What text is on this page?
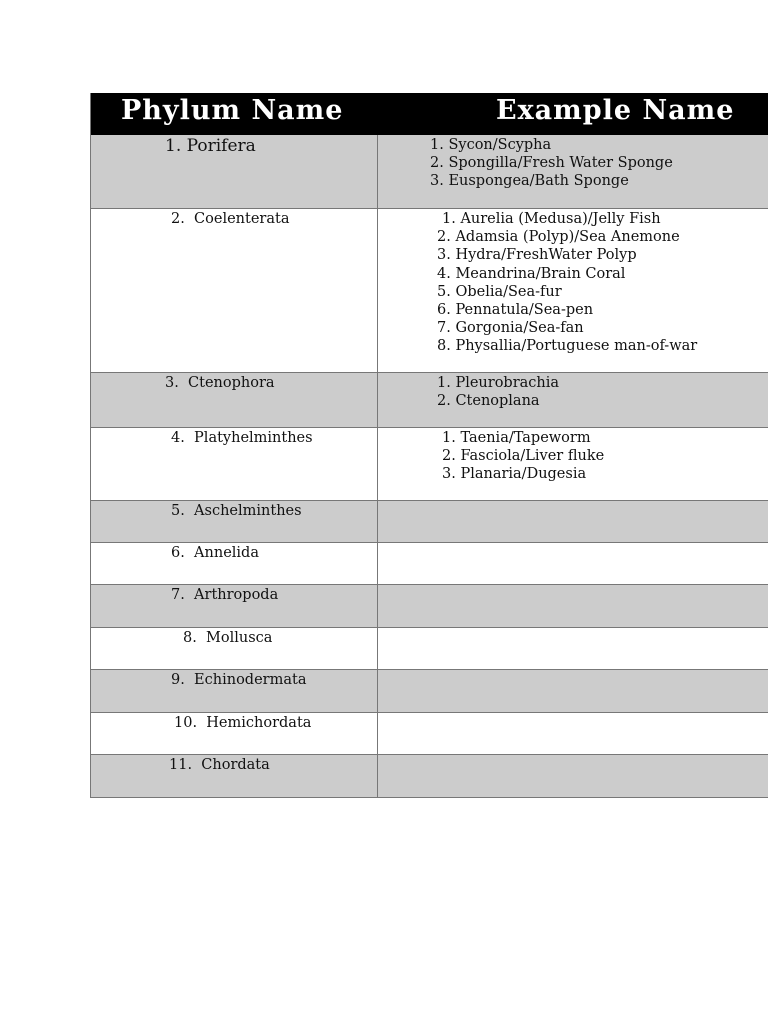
Phylum Name	Example Name
1. Porifera	1. Sycon/Scypha
2. Spongilla/Fresh Water Sponge
3. Euspongea/Bath Sponge
2.  Coelenterata	1. Aurelia (Medusa)/Jelly Fish
2. Adamsia (Polyp)/Sea Anemone
3. Hydra/FreshWater Polyp
4. Meandrina/Brain Coral
5. Obelia/Sea-fur
6. Pennatula/Sea-pen
7. Gorgonia/Sea-fan
8. Physallia/Portuguese man-of-war
3.  Ctenophora	1. Pleurobrachia
2. Ctenoplana
4.  Platyhelminthes	1. Taenia/Tapeworm
2. Fasciola/Liver fluke
3. Planaria/Dugesia
5.  Aschelminthes
6.  Annelida
7.  Arthropoda
8.  Mollusca
9.  Echinodermata
10.  Hemichordata
11.  Chordata
